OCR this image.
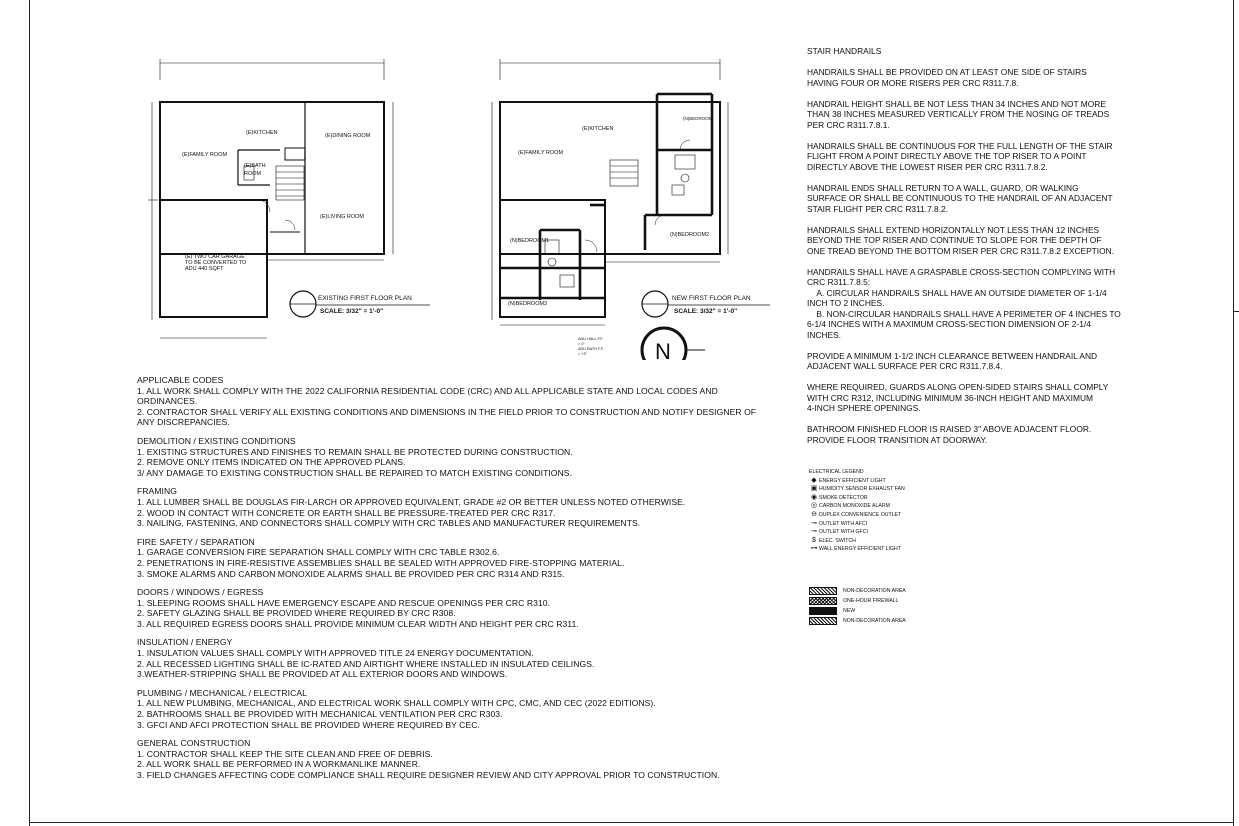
(E)KITCHEN	(E)DINING ROOM
(E)FAMILY ROOM
(E)BATH
ROOM
(E)LIVING ROOM
(E) TWO CAR GARAGE
TO BE CONVERTED TO
ADU 440 SQFT
EXISTING FIRST FLOOR PLAN
SCALE: 3/32" = 1'-0"
(E)KITCHEN
(E)FAMILY ROOM
(N)BEDROOM
(N)BEDROOM1
(N)BEDROOM2
(N)BEDROOM3
NEW FIRST FLOOR PLAN
SCALE: 3/32" = 1'-0"
ADU HALL F.F.
= 0"
ADU BATH F.F.
= +3"	N
APPLICABLE CODES
1. ALL WORK SHALL COMPLY WITH THE 2022 CALIFORNIA RESIDENTIAL CODE (CRC) AND ALL APPLICABLE STATE AND LOCAL CODES AND
ORDINANCES.
2. CONTRACTOR SHALL VERIFY ALL EXISTING CONDITIONS AND DIMENSIONS IN THE FIELD PRIOR TO CONSTRUCTION AND NOTIFY DESIGNER OF
ANY DISCREPANCIES.
DEMOLITION / EXISTING CONDITIONS
1. EXISTING STRUCTURES AND FINISHES TO REMAIN SHALL BE PROTECTED DURING CONSTRUCTION.
2. REMOVE ONLY ITEMS INDICATED ON THE APPROVED PLANS.
3/ ANY DAMAGE TO EXISTING CONSTRUCTION SHALL BE REPAIRED TO MATCH EXISTING CONDITIONS.
FRAMING
1. ALL LUMBER SHALL BE DOUGLAS FIR-LARCH OR APPROVED EQUIVALENT, GRADE #2 OR BETTER UNLESS NOTED OTHERWISE.
2. WOOD IN CONTACT WITH CONCRETE OR EARTH SHALL BE PRESSURE-TREATED PER CRC R317.
3. NAILING, FASTENING, AND CONNECTORS SHALL COMPLY WITH CRC TABLES AND MANUFACTURER REQUIREMENTS.
FIRE SAFETY / SEPARATION
1. GARAGE CONVERSION FIRE SEPARATION SHALL COMPLY WITH CRC TABLE R302.6.
2. PENETRATIONS IN FIRE-RESISTIVE ASSEMBLIES SHALL BE SEALED WITH APPROVED FIRE-STOPPING MATERIAL.
3. SMOKE ALARMS AND CARBON MONOXIDE ALARMS SHALL BE PROVIDED PER CRC R314 AND R315.
DOORS / WINDOWS / EGRESS
1. SLEEPING ROOMS SHALL HAVE EMERGENCY ESCAPE AND RESCUE OPENINGS PER CRC R310.
2. SAFETY GLAZING SHALL BE PROVIDED WHERE REQUIRED BY CRC R308.
3. ALL REQUIRED EGRESS DOORS SHALL PROVIDE MINIMUM CLEAR WIDTH AND HEIGHT PER CRC R311.
INSULATION / ENERGY
1. INSULATION VALUES SHALL COMPLY WITH APPROVED TITLE 24 ENERGY DOCUMENTATION.
2. ALL RECESSED LIGHTING SHALL BE IC-RATED AND AIRTIGHT WHERE INSTALLED IN INSULATED CEILINGS.
3.WEATHER-STRIPPING SHALL BE PROVIDED AT ALL EXTERIOR DOORS AND WINDOWS.
PLUMBING / MECHANICAL / ELECTRICAL
1. ALL NEW PLUMBING, MECHANICAL, AND ELECTRICAL WORK SHALL COMPLY WITH CPC, CMC, AND CEC (2022 EDITIONS).
2. BATHROOMS SHALL BE PROVIDED WITH MECHANICAL VENTILATION PER CRC R303.
3. GFCI AND AFCI PROTECTION SHALL BE PROVIDED WHERE REQUIRED BY CEC.
GENERAL CONSTRUCTION
1. CONTRACTOR SHALL KEEP THE SITE CLEAN AND FREE OF DEBRIS.
2. ALL WORK SHALL BE PERFORMED IN A WORKMANLIKE MANNER.
3. FIELD CHANGES AFFECTING CODE COMPLIANCE SHALL REQUIRE DESIGNER REVIEW AND CITY APPROVAL PRIOR TO CONSTRUCTION.
STAIR HANDRAILS
HANDRAILS SHALL BE PROVIDED ON AT LEAST ONE SIDE OF STAIRS
HAVING FOUR OR MORE RISERS PER CRC R311.7.8.
HANDRAIL HEIGHT SHALL BE NOT LESS THAN 34 INCHES AND NOT MORE
THAN 38 INCHES MEASURED VERTICALLY FROM THE NOSING OF TREADS
PER CRC R311.7.8.1.
HANDRAILS SHALL BE CONTINUOUS FOR THE FULL LENGTH OF THE STAIR
FLIGHT FROM A POINT DIRECTLY ABOVE THE TOP RISER TO A POINT
DIRECTLY ABOVE THE LOWEST RISER PER CRC R311.7.8.2.
HANDRAIL ENDS SHALL RETURN TO A WALL, GUARD, OR WALKING
SURFACE OR SHALL BE CONTINUOUS TO THE HANDRAIL OF AN ADJACENT
STAIR FLIGHT PER CRC R311.7.8.2.
HANDRAILS SHALL EXTEND HORIZONTALLY NOT LESS THAN 12 INCHES
BEYOND THE TOP RISER AND CONTINUE TO SLOPE FOR THE DEPTH OF
ONE TREAD BEYOND THE BOTTOM RISER PER CRC R311.7.8.2 EXCEPTION.
HANDRAILS SHALL HAVE A GRASPABLE CROSS-SECTION COMPLYING WITH
CRC R311.7.8.5:
A. CIRCULAR HANDRAILS SHALL HAVE AN OUTSIDE DIAMETER OF 1-1/4
INCH TO 2 INCHES.
B. NON-CIRCULAR HANDRAILS SHALL HAVE A PERIMETER OF 4 INCHES TO
6-1/4 INCHES WITH A MAXIMUM CROSS-SECTION DIMENSION OF 2-1/4
INCHES.
PROVIDE A MINIMUM 1-1/2 INCH CLEARANCE BETWEEN HANDRAIL AND
ADJACENT WALL SURFACE PER CRC R311.7.8.4.
WHERE REQUIRED, GUARDS ALONG OPEN-SIDED STAIRS SHALL COMPLY
WITH CRC R312, INCLUDING MINIMUM 36-INCH HEIGHT AND MAXIMUM
4-INCH SPHERE OPENINGS.
BATHROOM FINISHED FLOOR IS RAISED 3" ABOVE ADJACENT FLOOR.
PROVIDE FLOOR TRANSITION AT DOORWAY.
ELECTRICAL LEGEND
◆ ENERGY EFFICIENT LIGHT
▣ HUMIDITY SENSOR EXHAUST FAN
◉ SMOKE DETECTOR
◎ CARBON MONOXIDE ALARM
⊖ DUPLEX CONVENIENCE OUTLET
⊸ OUTLET WITH AFCI
⊸ OUTLET WITH GFCI
$ ELEC. SWITCH
⊶ WALL ENERGY EFFICIENT LIGHT
NON-DECORATION AREA
ONE-HOUR FIREWALL
NEW
NON-DECORATION AREA
